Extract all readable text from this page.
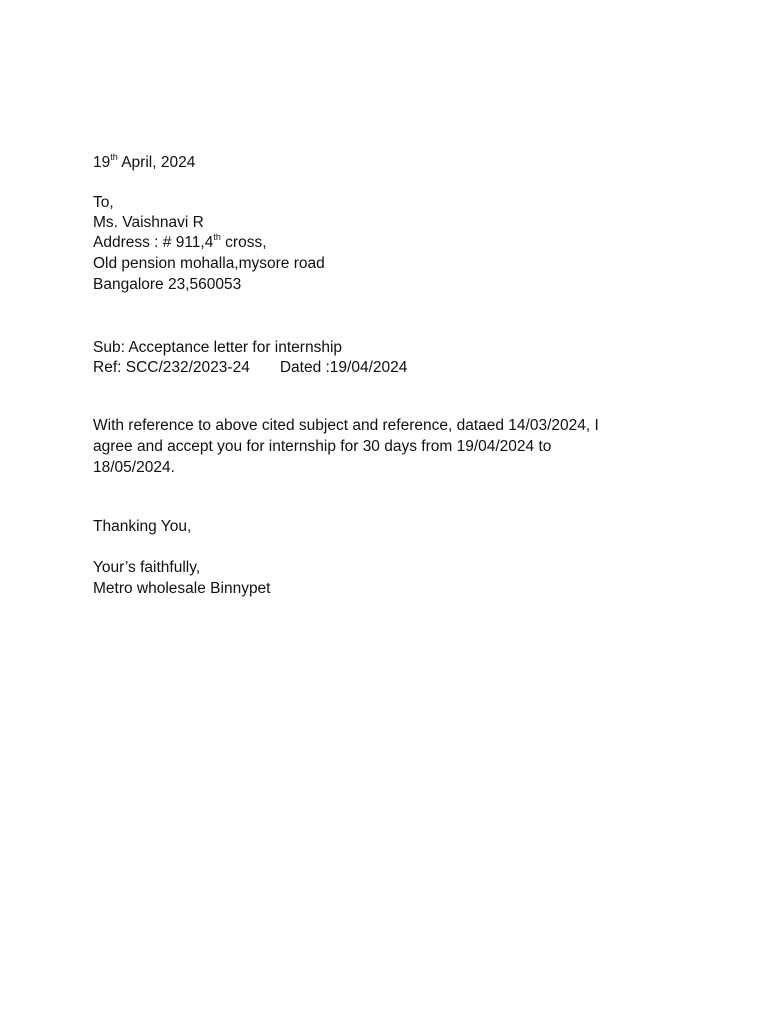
19th April, 2024
To,
Ms. Vaishnavi R
Address : # 911,4th cross,
Old pension mohalla,mysore road
Bangalore 23,560053
Sub: Acceptance letter for internship
Ref: SCC/232/2023-24 Dated :19/04/2024
With reference to above cited subject and reference, dataed 14/03/2024, I
agree and accept you for internship for 30 days from 19/04/2024 to
18/05/2024.
Thanking You,
Your’s faithfully,
Metro wholesale Binnypet
